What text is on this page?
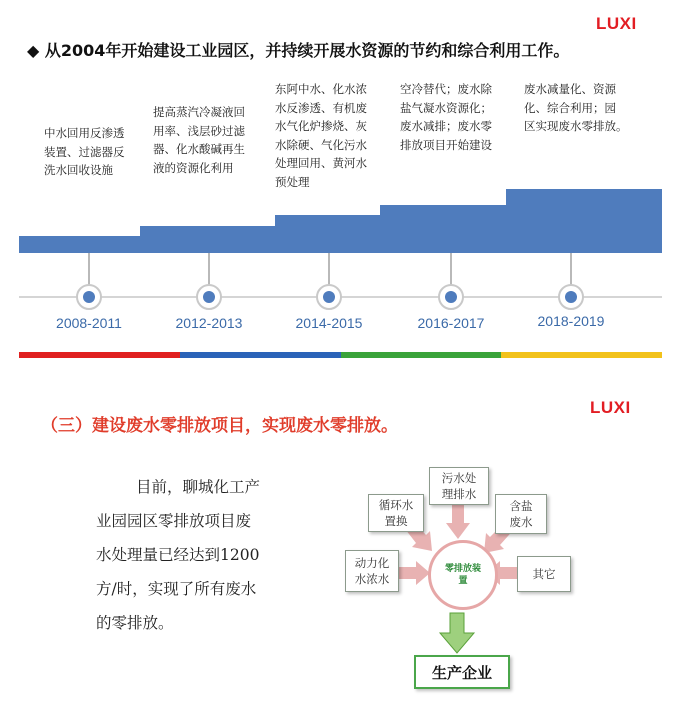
LUXI
◆ 从2004年开始建设工业园区，并持续开展水资源的节约和综合利用工作。
中水回用反渗透
装置、过滤器反
洗水回收设施
提高蒸汽冷凝液回
用率、浅层砂过滤
器、化水酸碱再生
液的资源化利用
东阿中水、化水浓
水反渗透、有机废
水气化炉掺烧、灰
水除硬、气化污水
处理回用、黄河水
预处理
空冷替代；废水除
盐气凝水资源化；
废水减排；废水零
排放项目开始建设
废水减量化、资源
化、综合利用；园
区实现废水零排放。
2008-2011	2012-2013	2014-2015	2016-2017	2018-2019
LUXI
（三）建设废水零排放项目，实现废水零排放。
目前，聊城化工产
业园园区零排放项目废
水处理量已经达到1200
方/时，实现了所有废水
的零排放。
零排放装
置
污水处
理排水
循环水
置换
含盐
废水
动力化
水浓水	其它
生产企业
